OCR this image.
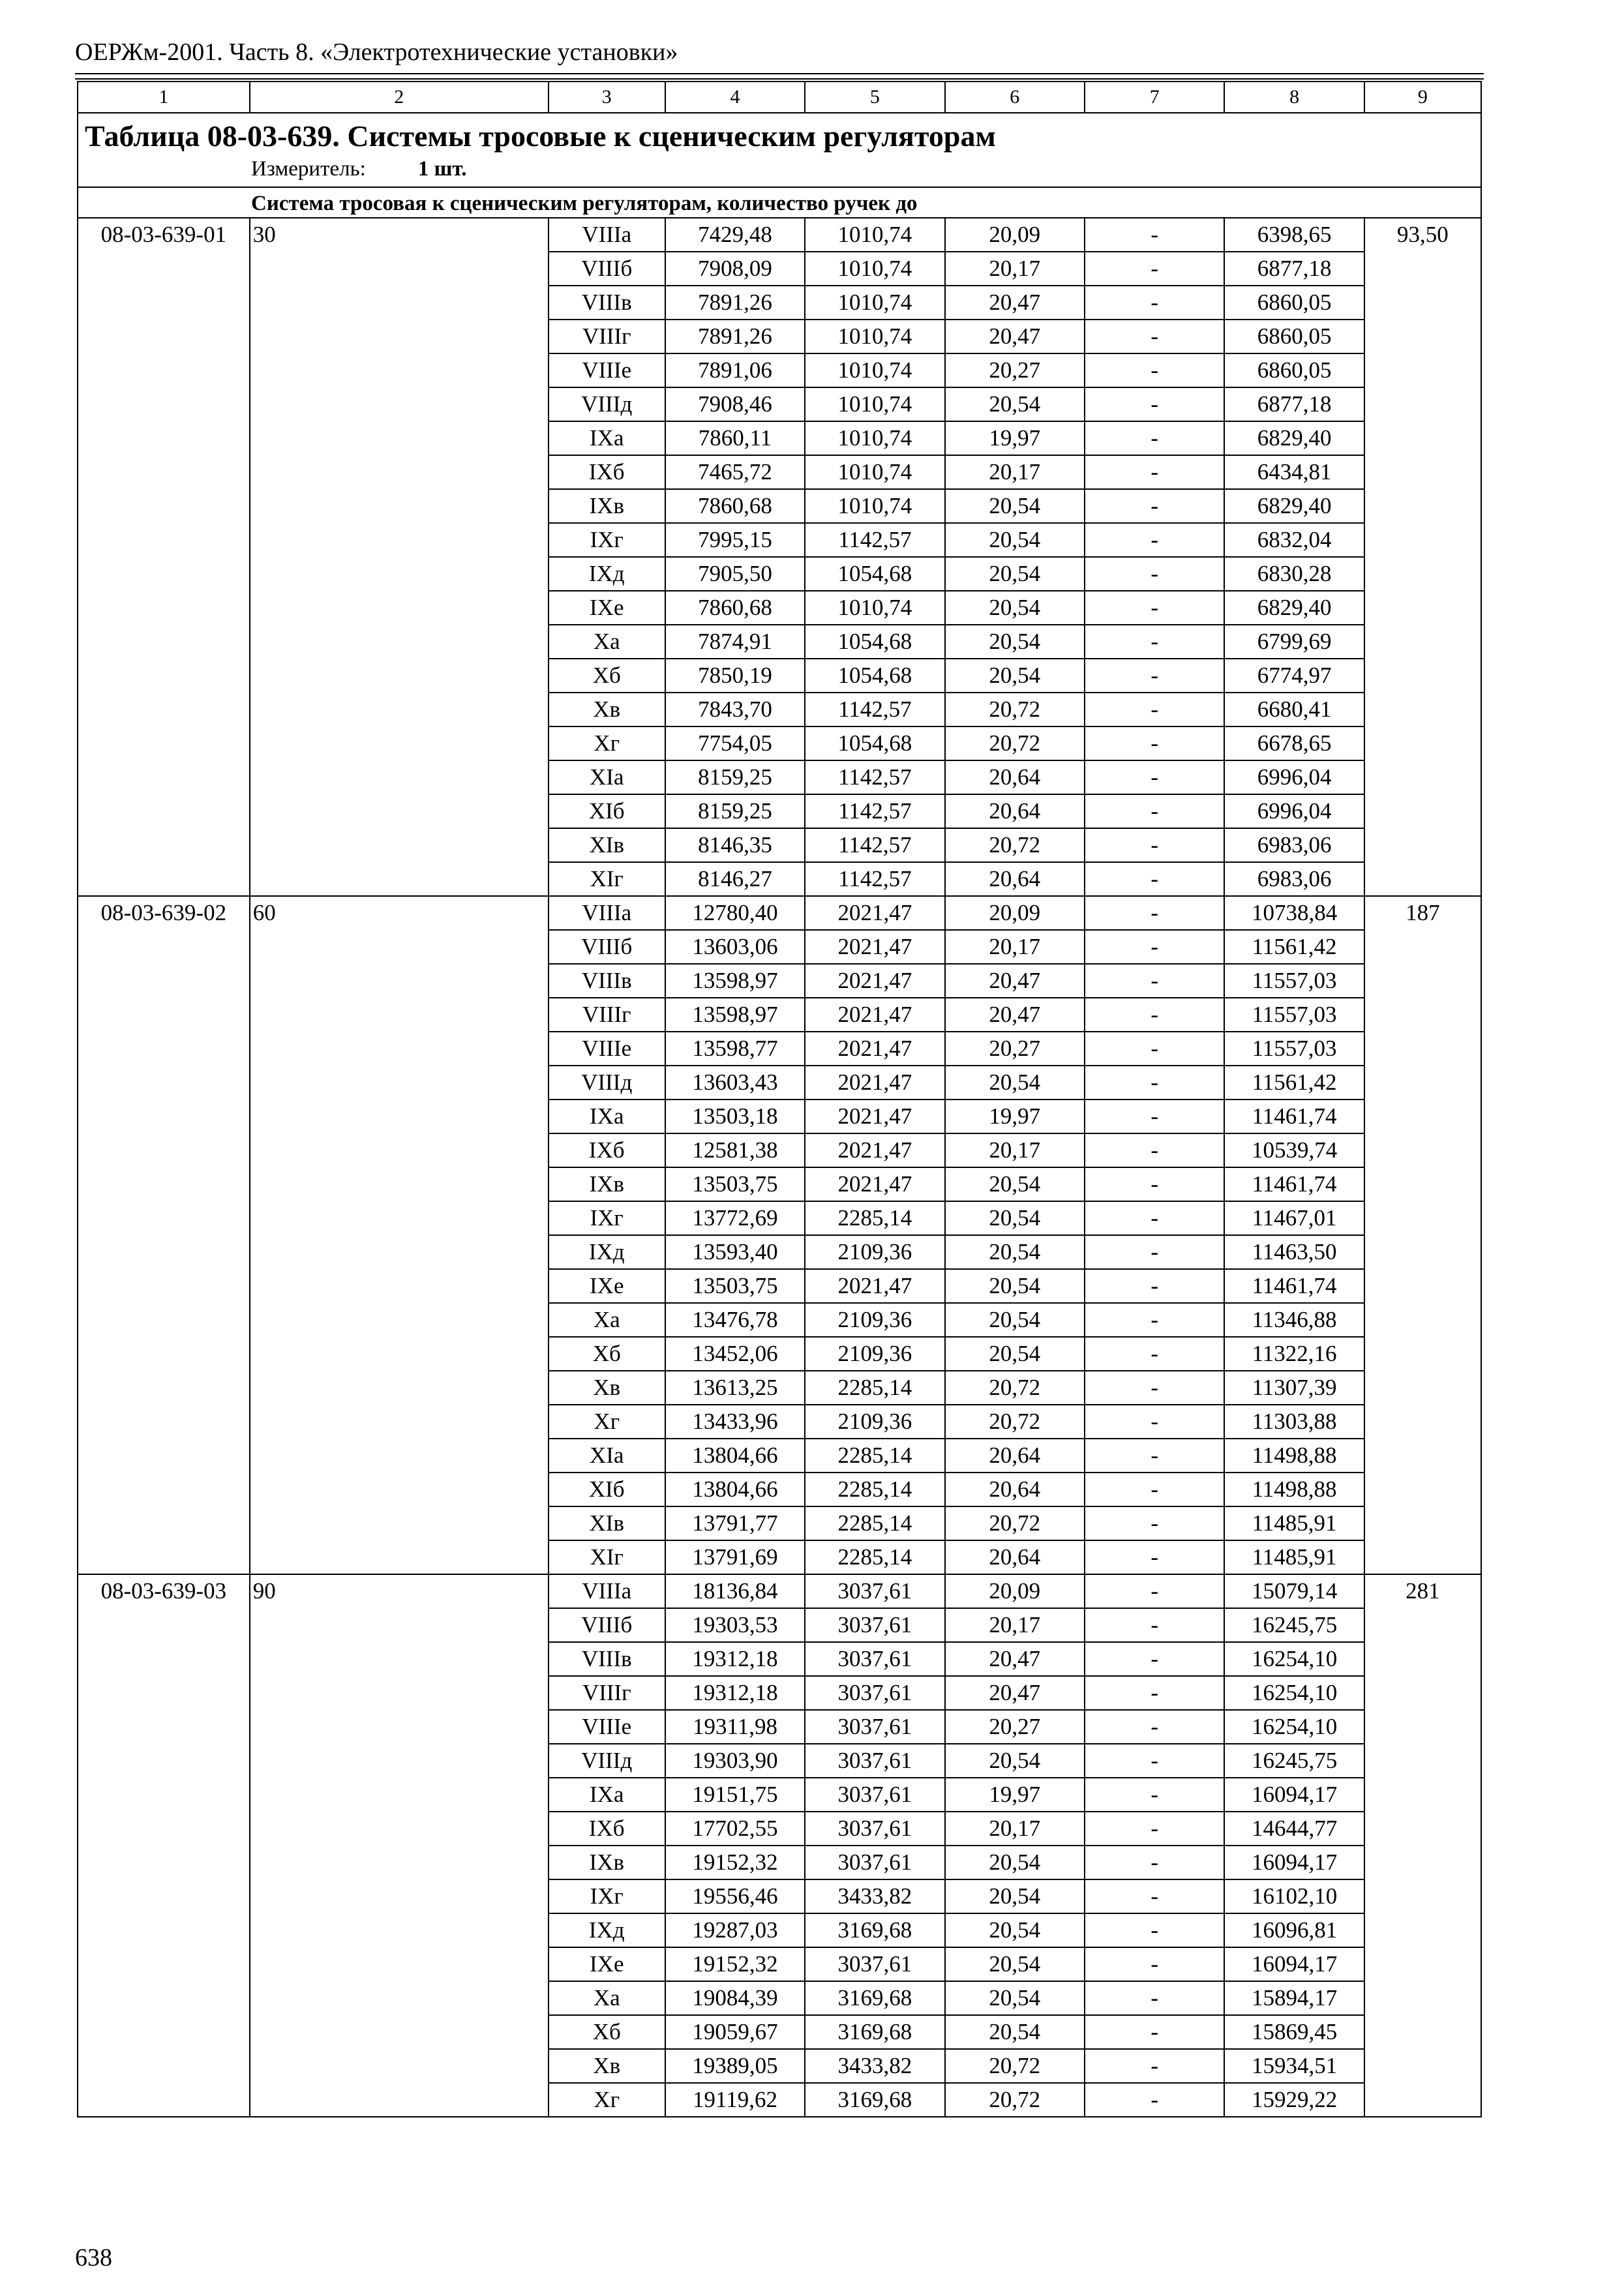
ОЕРЖм-2001. Часть 8. «Электротехнические установки»
1	2	3	4	5	6	7	8	9
Таблица 08-03-639. Системы тросовые к сценическим регуляторам								
Измеритель: 1 шт.								
Система тросовая к сценическим регуляторам, количество ручек до								
08-03-639-01	30	VIIIа	7429,48	1010,74	20,09	-	6398,65	93,50
		VIIIб	7908,09	1010,74	20,17	-	6877,18	
		VIIIв	7891,26	1010,74	20,47	-	6860,05	
		VIIIг	7891,26	1010,74	20,47	-	6860,05	
		VIIIе	7891,06	1010,74	20,27	-	6860,05	
		VIIIд	7908,46	1010,74	20,54	-	6877,18	
		IXа	7860,11	1010,74	19,97	-	6829,40	
		IXб	7465,72	1010,74	20,17	-	6434,81	
		IXв	7860,68	1010,74	20,54	-	6829,40	
		IXг	7995,15	1142,57	20,54	-	6832,04	
		IXд	7905,50	1054,68	20,54	-	6830,28	
		IXе	7860,68	1010,74	20,54	-	6829,40	
		Xа	7874,91	1054,68	20,54	-	6799,69	
		Xб	7850,19	1054,68	20,54	-	6774,97	
		Xв	7843,70	1142,57	20,72	-	6680,41	
		Xг	7754,05	1054,68	20,72	-	6678,65	
		XIа	8159,25	1142,57	20,64	-	6996,04	
		XIб	8159,25	1142,57	20,64	-	6996,04	
		XIв	8146,35	1142,57	20,72	-	6983,06	
		XIг	8146,27	1142,57	20,64	-	6983,06	
08-03-639-02	60	VIIIа	12780,40	2021,47	20,09	-	10738,84	187
		VIIIб	13603,06	2021,47	20,17	-	11561,42	
		VIIIв	13598,97	2021,47	20,47	-	11557,03	
		VIIIг	13598,97	2021,47	20,47	-	11557,03	
		VIIIе	13598,77	2021,47	20,27	-	11557,03	
		VIIIд	13603,43	2021,47	20,54	-	11561,42	
		IXа	13503,18	2021,47	19,97	-	11461,74	
		IXб	12581,38	2021,47	20,17	-	10539,74	
		IXв	13503,75	2021,47	20,54	-	11461,74	
		IXг	13772,69	2285,14	20,54	-	11467,01	
		IXд	13593,40	2109,36	20,54	-	11463,50	
		IXе	13503,75	2021,47	20,54	-	11461,74	
		Xа	13476,78	2109,36	20,54	-	11346,88	
		Xб	13452,06	2109,36	20,54	-	11322,16	
		Xв	13613,25	2285,14	20,72	-	11307,39	
		Xг	13433,96	2109,36	20,72	-	11303,88	
		XIа	13804,66	2285,14	20,64	-	11498,88	
		XIб	13804,66	2285,14	20,64	-	11498,88	
		XIв	13791,77	2285,14	20,72	-	11485,91	
		XIг	13791,69	2285,14	20,64	-	11485,91	
08-03-639-03	90	VIIIа	18136,84	3037,61	20,09	-	15079,14	281
		VIIIб	19303,53	3037,61	20,17	-	16245,75	
		VIIIв	19312,18	3037,61	20,47	-	16254,10	
		VIIIг	19312,18	3037,61	20,47	-	16254,10	
		VIIIе	19311,98	3037,61	20,27	-	16254,10	
		VIIIд	19303,90	3037,61	20,54	-	16245,75	
		IXа	19151,75	3037,61	19,97	-	16094,17	
		IXб	17702,55	3037,61	20,17	-	14644,77	
		IXв	19152,32	3037,61	20,54	-	16094,17	
		IXг	19556,46	3433,82	20,54	-	16102,10	
		IXд	19287,03	3169,68	20,54	-	16096,81	
		IXе	19152,32	3037,61	20,54	-	16094,17	
		Xа	19084,39	3169,68	20,54	-	15894,17	
		Xб	19059,67	3169,68	20,54	-	15869,45	
		Xв	19389,05	3433,82	20,72	-	15934,51	
		Xг	19119,62	3169,68	20,72	-	15929,22	
638
